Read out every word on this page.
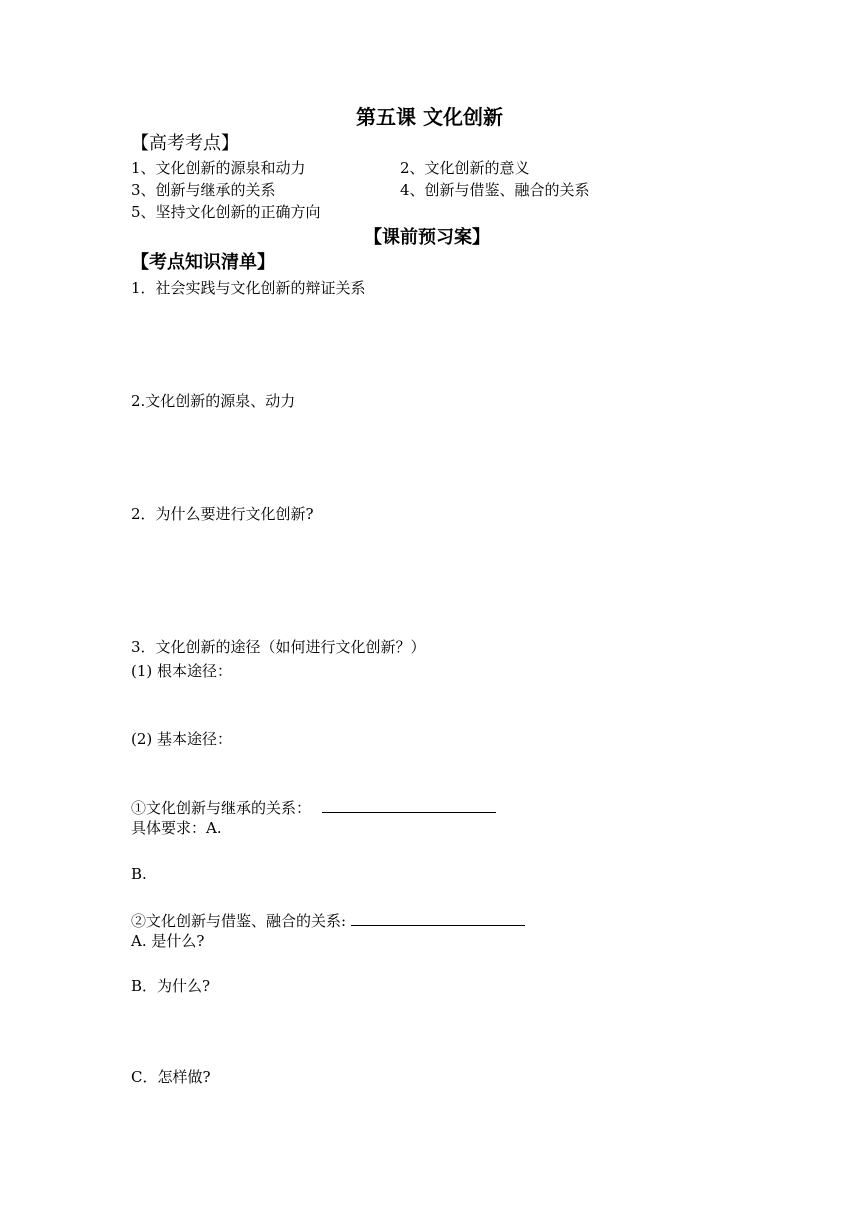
第五课 文化创新
【高考考点】
1、文化创新的源泉和动力	2、文化创新的意义
3、创新与继承的关系	4、创新与借鉴、融合的关系
5、坚持文化创新的正确方向
【课前预习案】
【考点知识清单】
1．社会实践与文化创新的辩证关系
2.文化创新的源泉、动力
2．为什么要进行文化创新?
3．文化创新的途径（如何进行文化创新？）
(1) 根本途径：
(2) 基本途径：
①文化创新与继承的关系：
具体要求：A.
B.
②文化创新与借鉴、融合的关系:
A. 是什么?
B．为什么?
C．怎样做?
